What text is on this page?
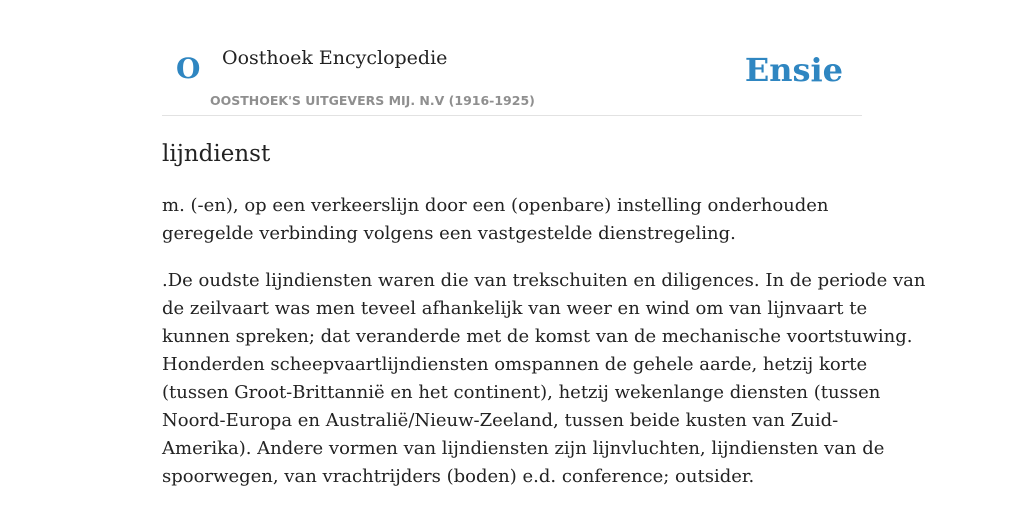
O Oosthoek Encyclopedie
OOSTHOEK'S UITGEVERS MIJ. N.V (1916-1925)
Ensie
lijndienst

m. (-en), op een verkeerslijn door een (openbare) instelling onderhouden
geregelde verbinding volgens een vastgestelde dienstregeling.

.De oudste lijndiensten waren die van trekschuiten en diligences. In de periode van
de zeilvaart was men teveel afhankelijk van weer en wind om van lijnvaart te
kunnen spreken; dat veranderde met de komst van de mechanische voortstuwing.
Honderden scheepvaartlijndiensten omspannen de gehele aarde, hetzij korte
(tussen Groot-Brittannië en het continent), hetzij wekenlange diensten (tussen
Noord-Europa en Australië/Nieuw-Zeeland, tussen beide kusten van Zuid-
Amerika). Andere vormen van lijndiensten zijn lijnvluchten, lijndiensten van de
spoorwegen, van vrachtrijders (boden) e.d. conference; outsider.
